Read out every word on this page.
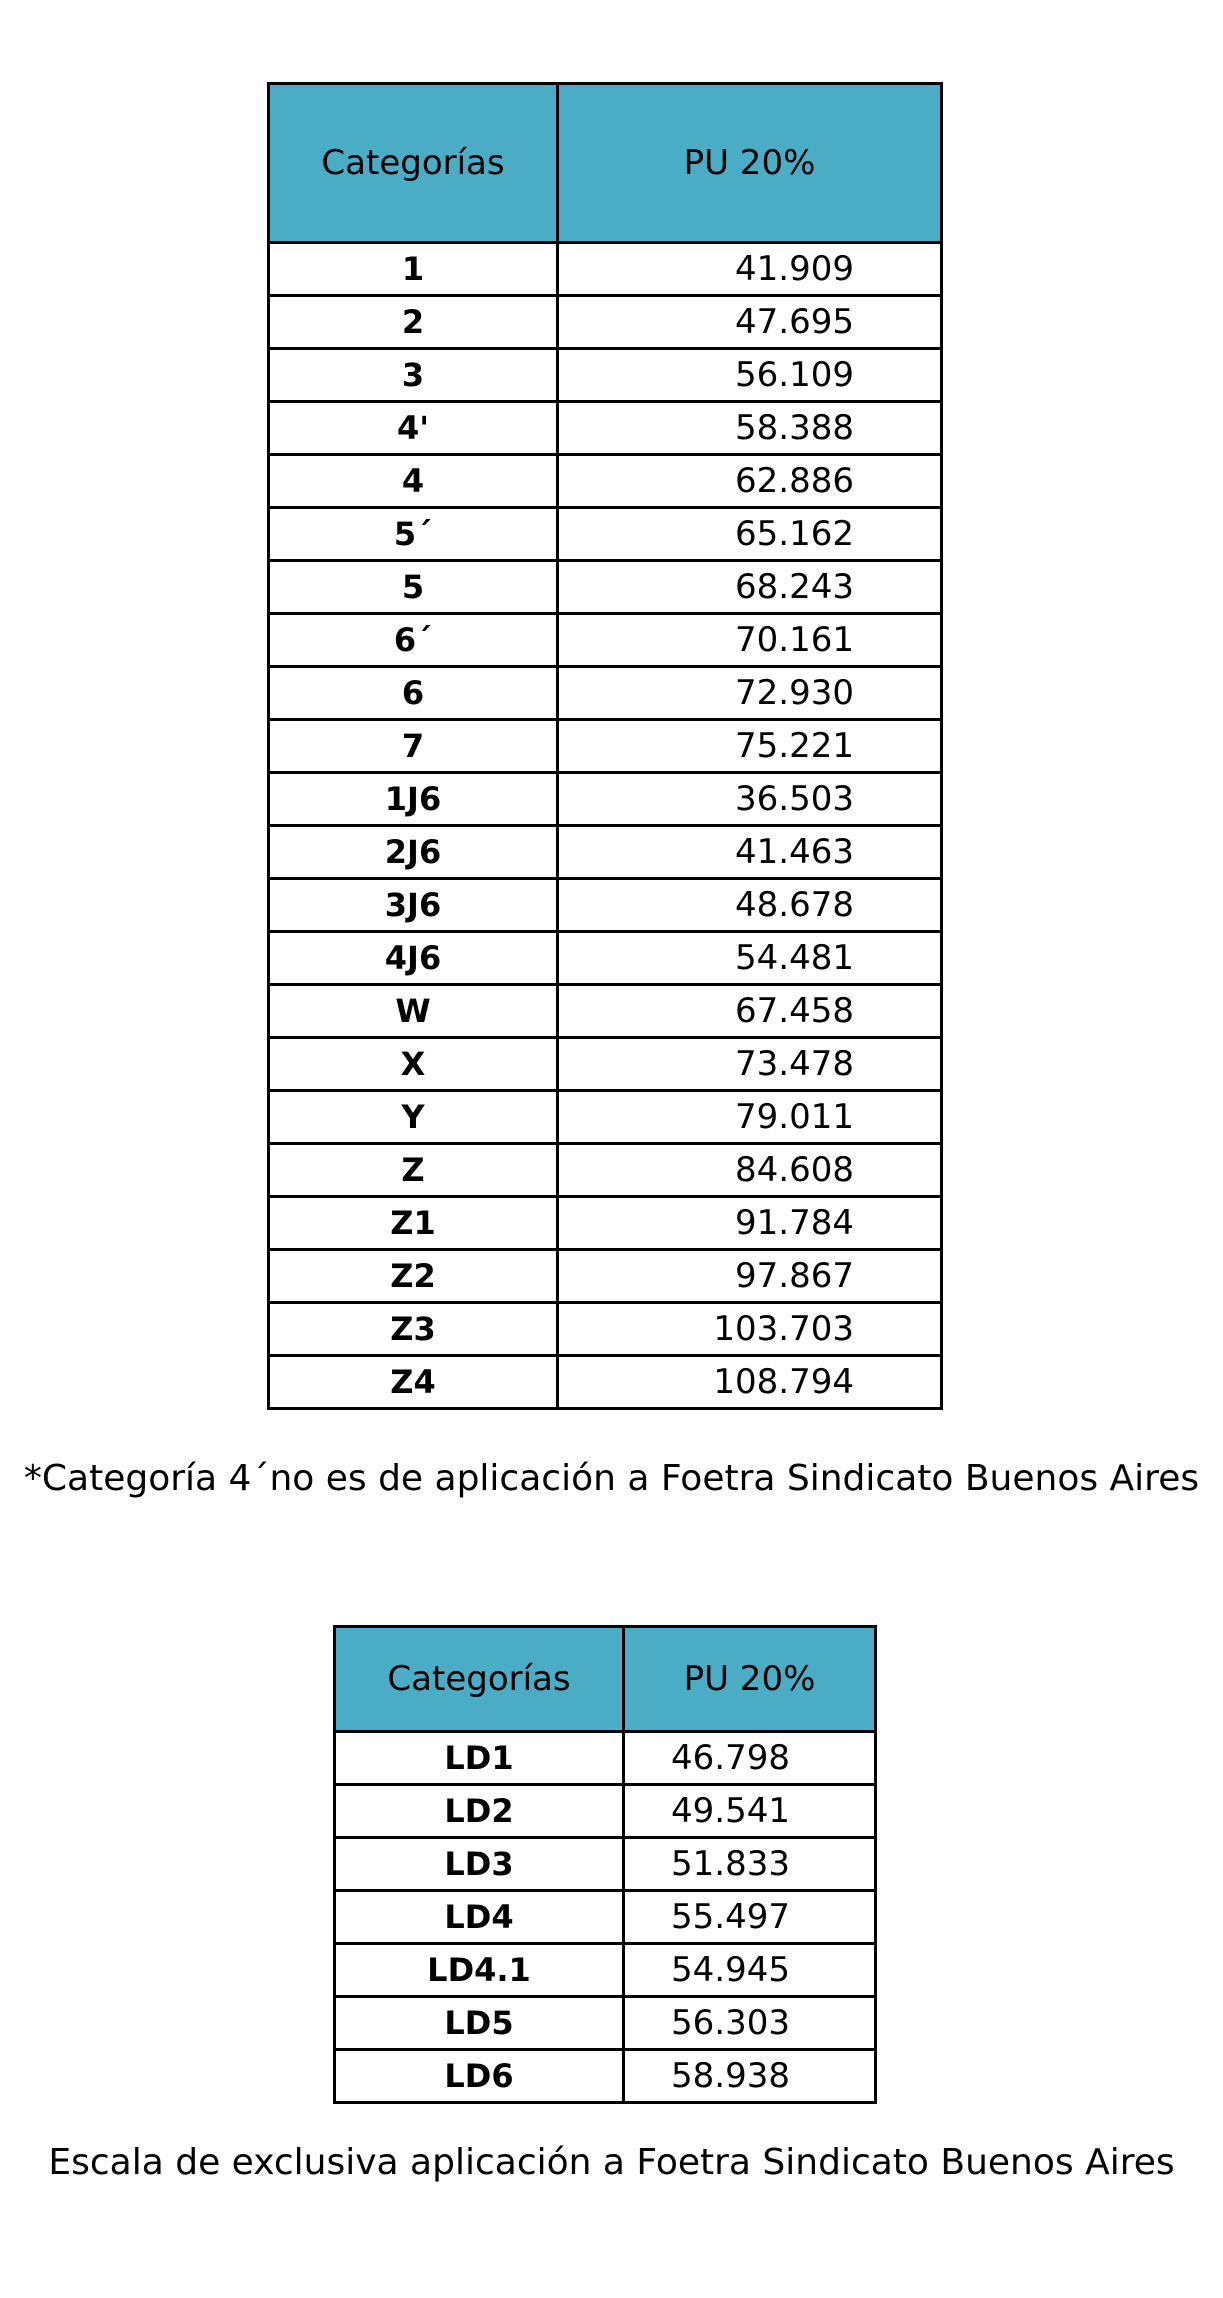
Categorías	PU 20%
1	41.909
2	47.695
3	56.109
4'	58.388
4	62.886
5´	65.162
5	68.243
6´	70.161
6	72.930
7	75.221
1J6	36.503
2J6	41.463
3J6	48.678
4J6	54.481
W	67.458
X	73.478
Y	79.011
Z	84.608
Z1	91.784
Z2	97.867
Z3	103.703
Z4	108.794
*Categoría 4´no es de aplicación a Foetra Sindicato Buenos Aires
Categorías	PU 20%
LD1	46.798
LD2	49.541
LD3	51.833
LD4	55.497
LD4.1	54.945
LD5	56.303
LD6	58.938
Escala de exclusiva aplicación a Foetra Sindicato Buenos Aires
